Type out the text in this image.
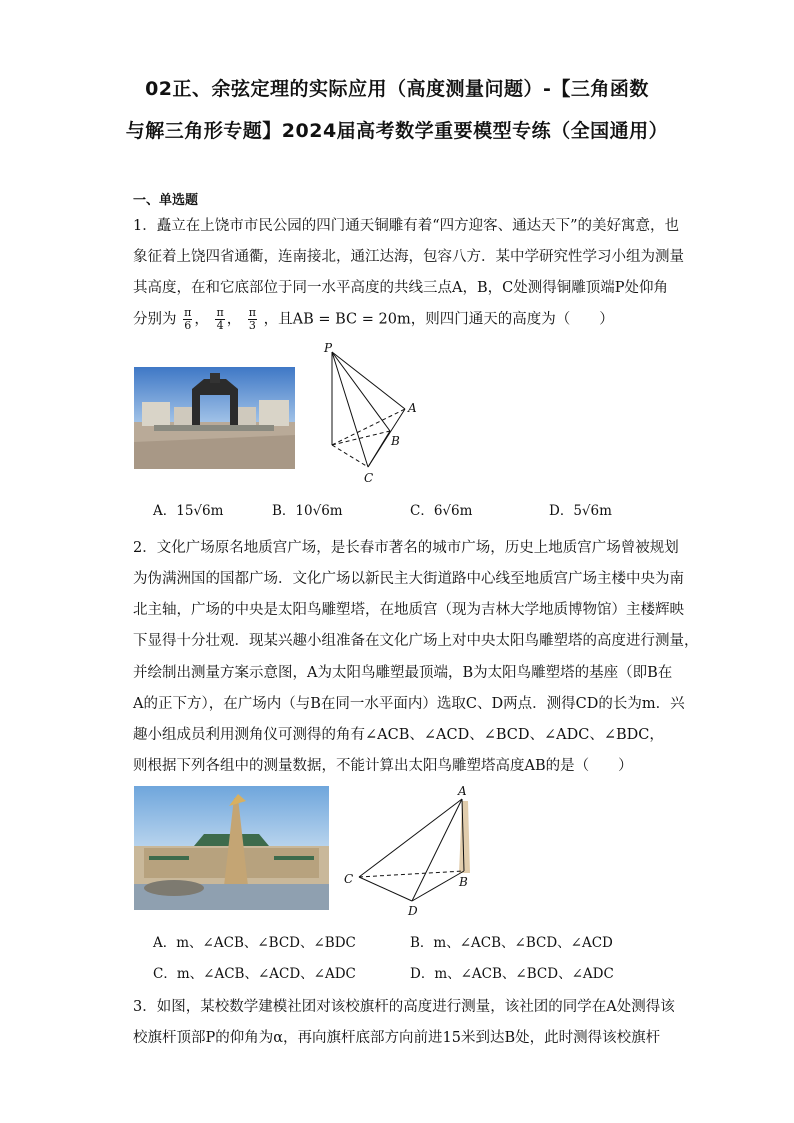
02正、余弦定理的实际应用（高度测量问题）-【三角函数
与解三角形专题】2024届高考数学重要模型专练（全国通用）
一、单选题
1．矗立在上饶市市民公园的四门通天铜雕有着“四方迎客、通达天下”的美好寓意，也
象征着上饶四省通衢，连南接北，通江达海，包容八方．某中学研究性学习小组为测量
其高度，在和它底部位于同一水平高度的共线三点A，B，C处测得铜雕顶端P处仰角
分别为 $\frac{\pi}{6}$ ， $\frac{\pi}{4}$ ， $\frac{\pi}{3}$ ，且AB = BC = 20m，则四门通天的高度为（　　）
P
A
B
C
A．15√6m	B．10√6m	C．6√6m	D．5√6m
2．文化广场原名地质宫广场，是长春市著名的城市广场，历史上地质宫广场曾被规划
为伪满洲国的国都广场．文化广场以新民主大街道路中心线至地质宫广场主楼中央为南
北主轴，广场的中央是太阳鸟雕塑塔，在地质宫（现为吉林大学地质博物馆）主楼辉映
下显得十分壮观．现某兴趣小组准备在文化广场上对中央太阳鸟雕塑塔的高度进行测量，
并绘制出测量方案示意图，A为太阳鸟雕塑最顶端，B为太阳鸟雕塑塔的基座（即B在
A的正下方），在广场内（与B在同一水平面内）选取C、D两点．测得CD的长为m．兴
趣小组成员利用测角仪可测得的角有∠ACB、∠ACD、∠BCD、∠ADC、∠BDC，
则根据下列各组中的测量数据，不能计算出太阳鸟雕塑塔高度AB的是（　　）
A
B
C
D
A．m、∠ACB、∠BCD、∠BDC	B．m、∠ACB、∠BCD、∠ACD
C．m、∠ACB、∠ACD、∠ADC	D．m、∠ACB、∠BCD、∠ADC
3．如图，某校数学建模社团对该校旗杆的高度进行测量，该社团的同学在A处测得该
校旗杆顶部P的仰角为α，再向旗杆底部方向前进15米到达B处，此时测得该校旗杆
